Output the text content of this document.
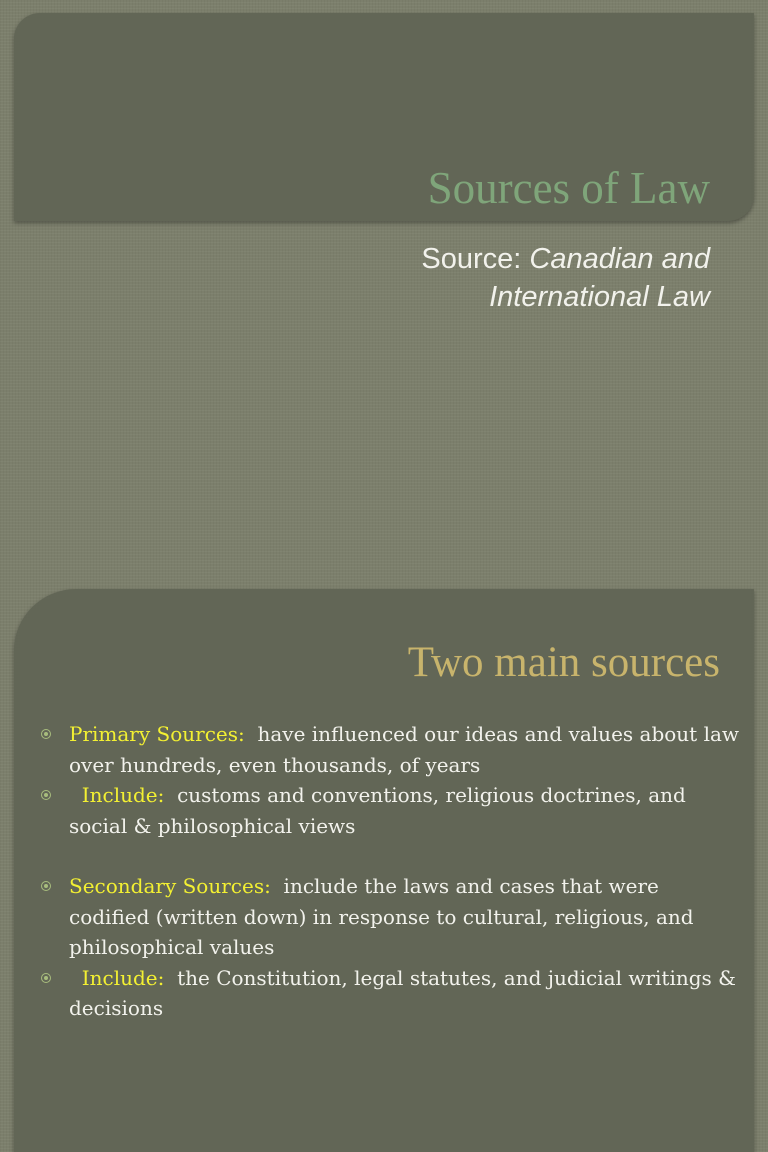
Sources of Law
Source: Canadian and
International Law
Two main sources
Primary Sources: have influenced our ideas and values about law over hundreds, even thousands, of years
Include: customs and conventions, religious doctrines, and social & philosophical views
Secondary Sources: include the laws and cases that were codified (written down) in response to cultural, religious, and philosophical values
Include: the Constitution, legal statutes, and judicial writings & decisions
